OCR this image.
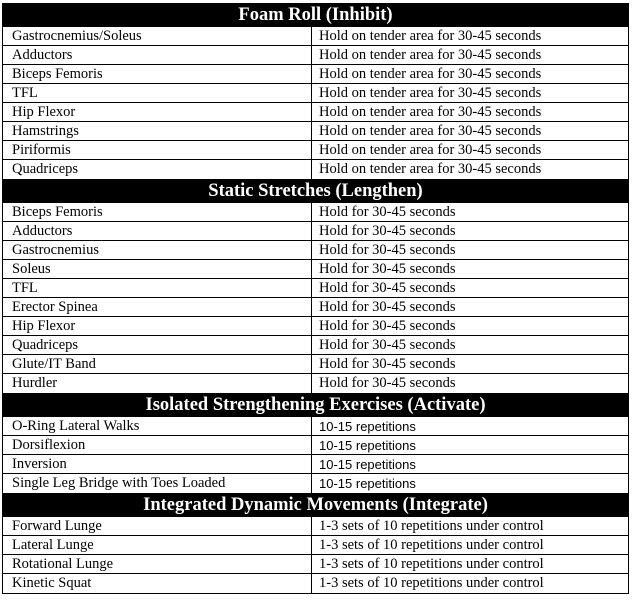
Foam Roll (Inhibit)
Gastrocnemius/Soleus	Hold on tender area for 30-45 seconds
Adductors	Hold on tender area for 30-45 seconds
Biceps Femoris	Hold on tender area for 30-45 seconds
TFL	Hold on tender area for 30-45 seconds
Hip Flexor	Hold on tender area for 30-45 seconds
Hamstrings	Hold on tender area for 30-45 seconds
Piriformis	Hold on tender area for 30-45 seconds
Quadriceps	Hold on tender area for 30-45 seconds
Static Stretches (Lengthen)
Biceps Femoris	Hold for 30-45 seconds
Adductors	Hold for 30-45 seconds
Gastrocnemius	Hold for 30-45 seconds
Soleus	Hold for 30-45 seconds
TFL	Hold for 30-45 seconds
Erector Spinea	Hold for 30-45 seconds
Hip Flexor	Hold for 30-45 seconds
Quadriceps	Hold for 30-45 seconds
Glute/IT Band	Hold for 30-45 seconds
Hurdler	Hold for 30-45 seconds
Isolated Strengthening Exercises (Activate)
O-Ring Lateral Walks	10-15 repetitions
Dorsiflexion	10-15 repetitions
Inversion	10-15 repetitions
Single Leg Bridge with Toes Loaded	10-15 repetitions
Integrated Dynamic Movements (Integrate)
Forward Lunge	1-3 sets of 10 repetitions under control
Lateral Lunge	1-3 sets of 10 repetitions under control
Rotational Lunge	1-3 sets of 10 repetitions under control
Kinetic Squat	1-3 sets of 10 repetitions under control
